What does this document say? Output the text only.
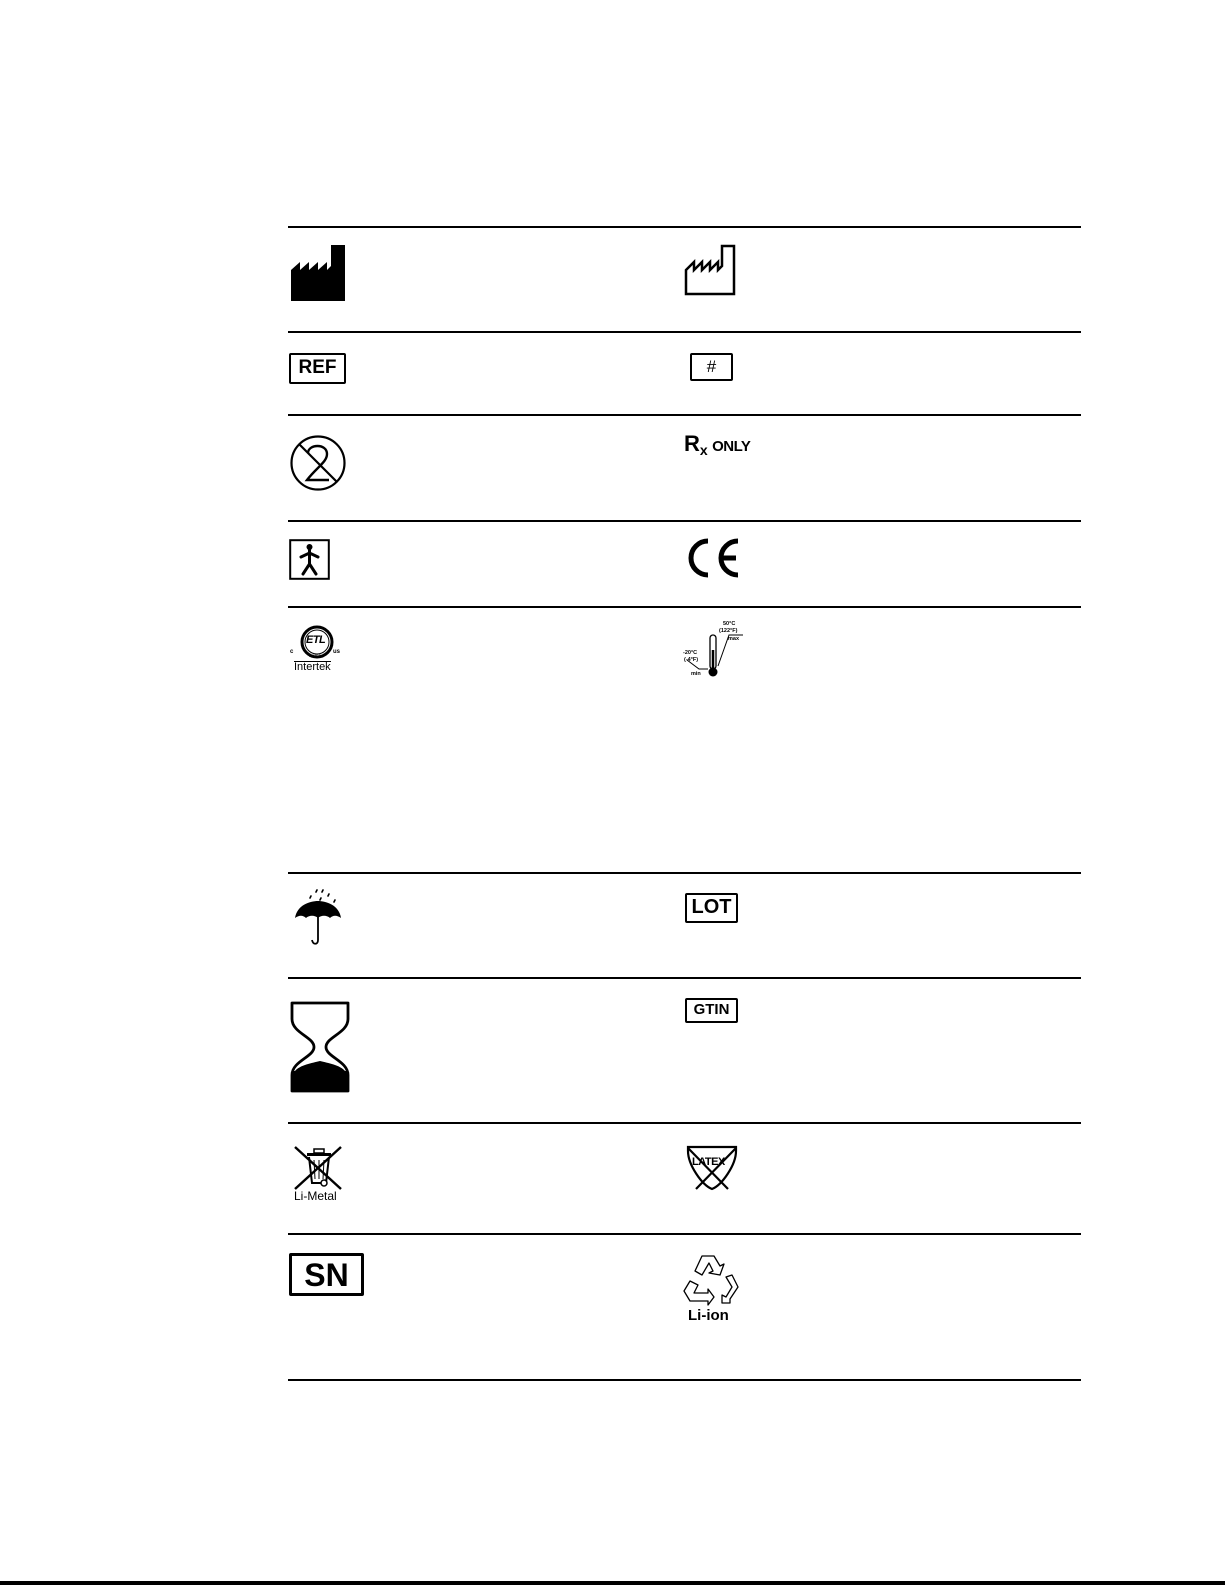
REF	#
Rx ONLY
ETL
c	us
LISTED
Intertek
50°C
(122°F)
max
-20°C
(-4°F)
min
LOT
GTIN
Li-Metal
LATEX
SN
Li-ion
